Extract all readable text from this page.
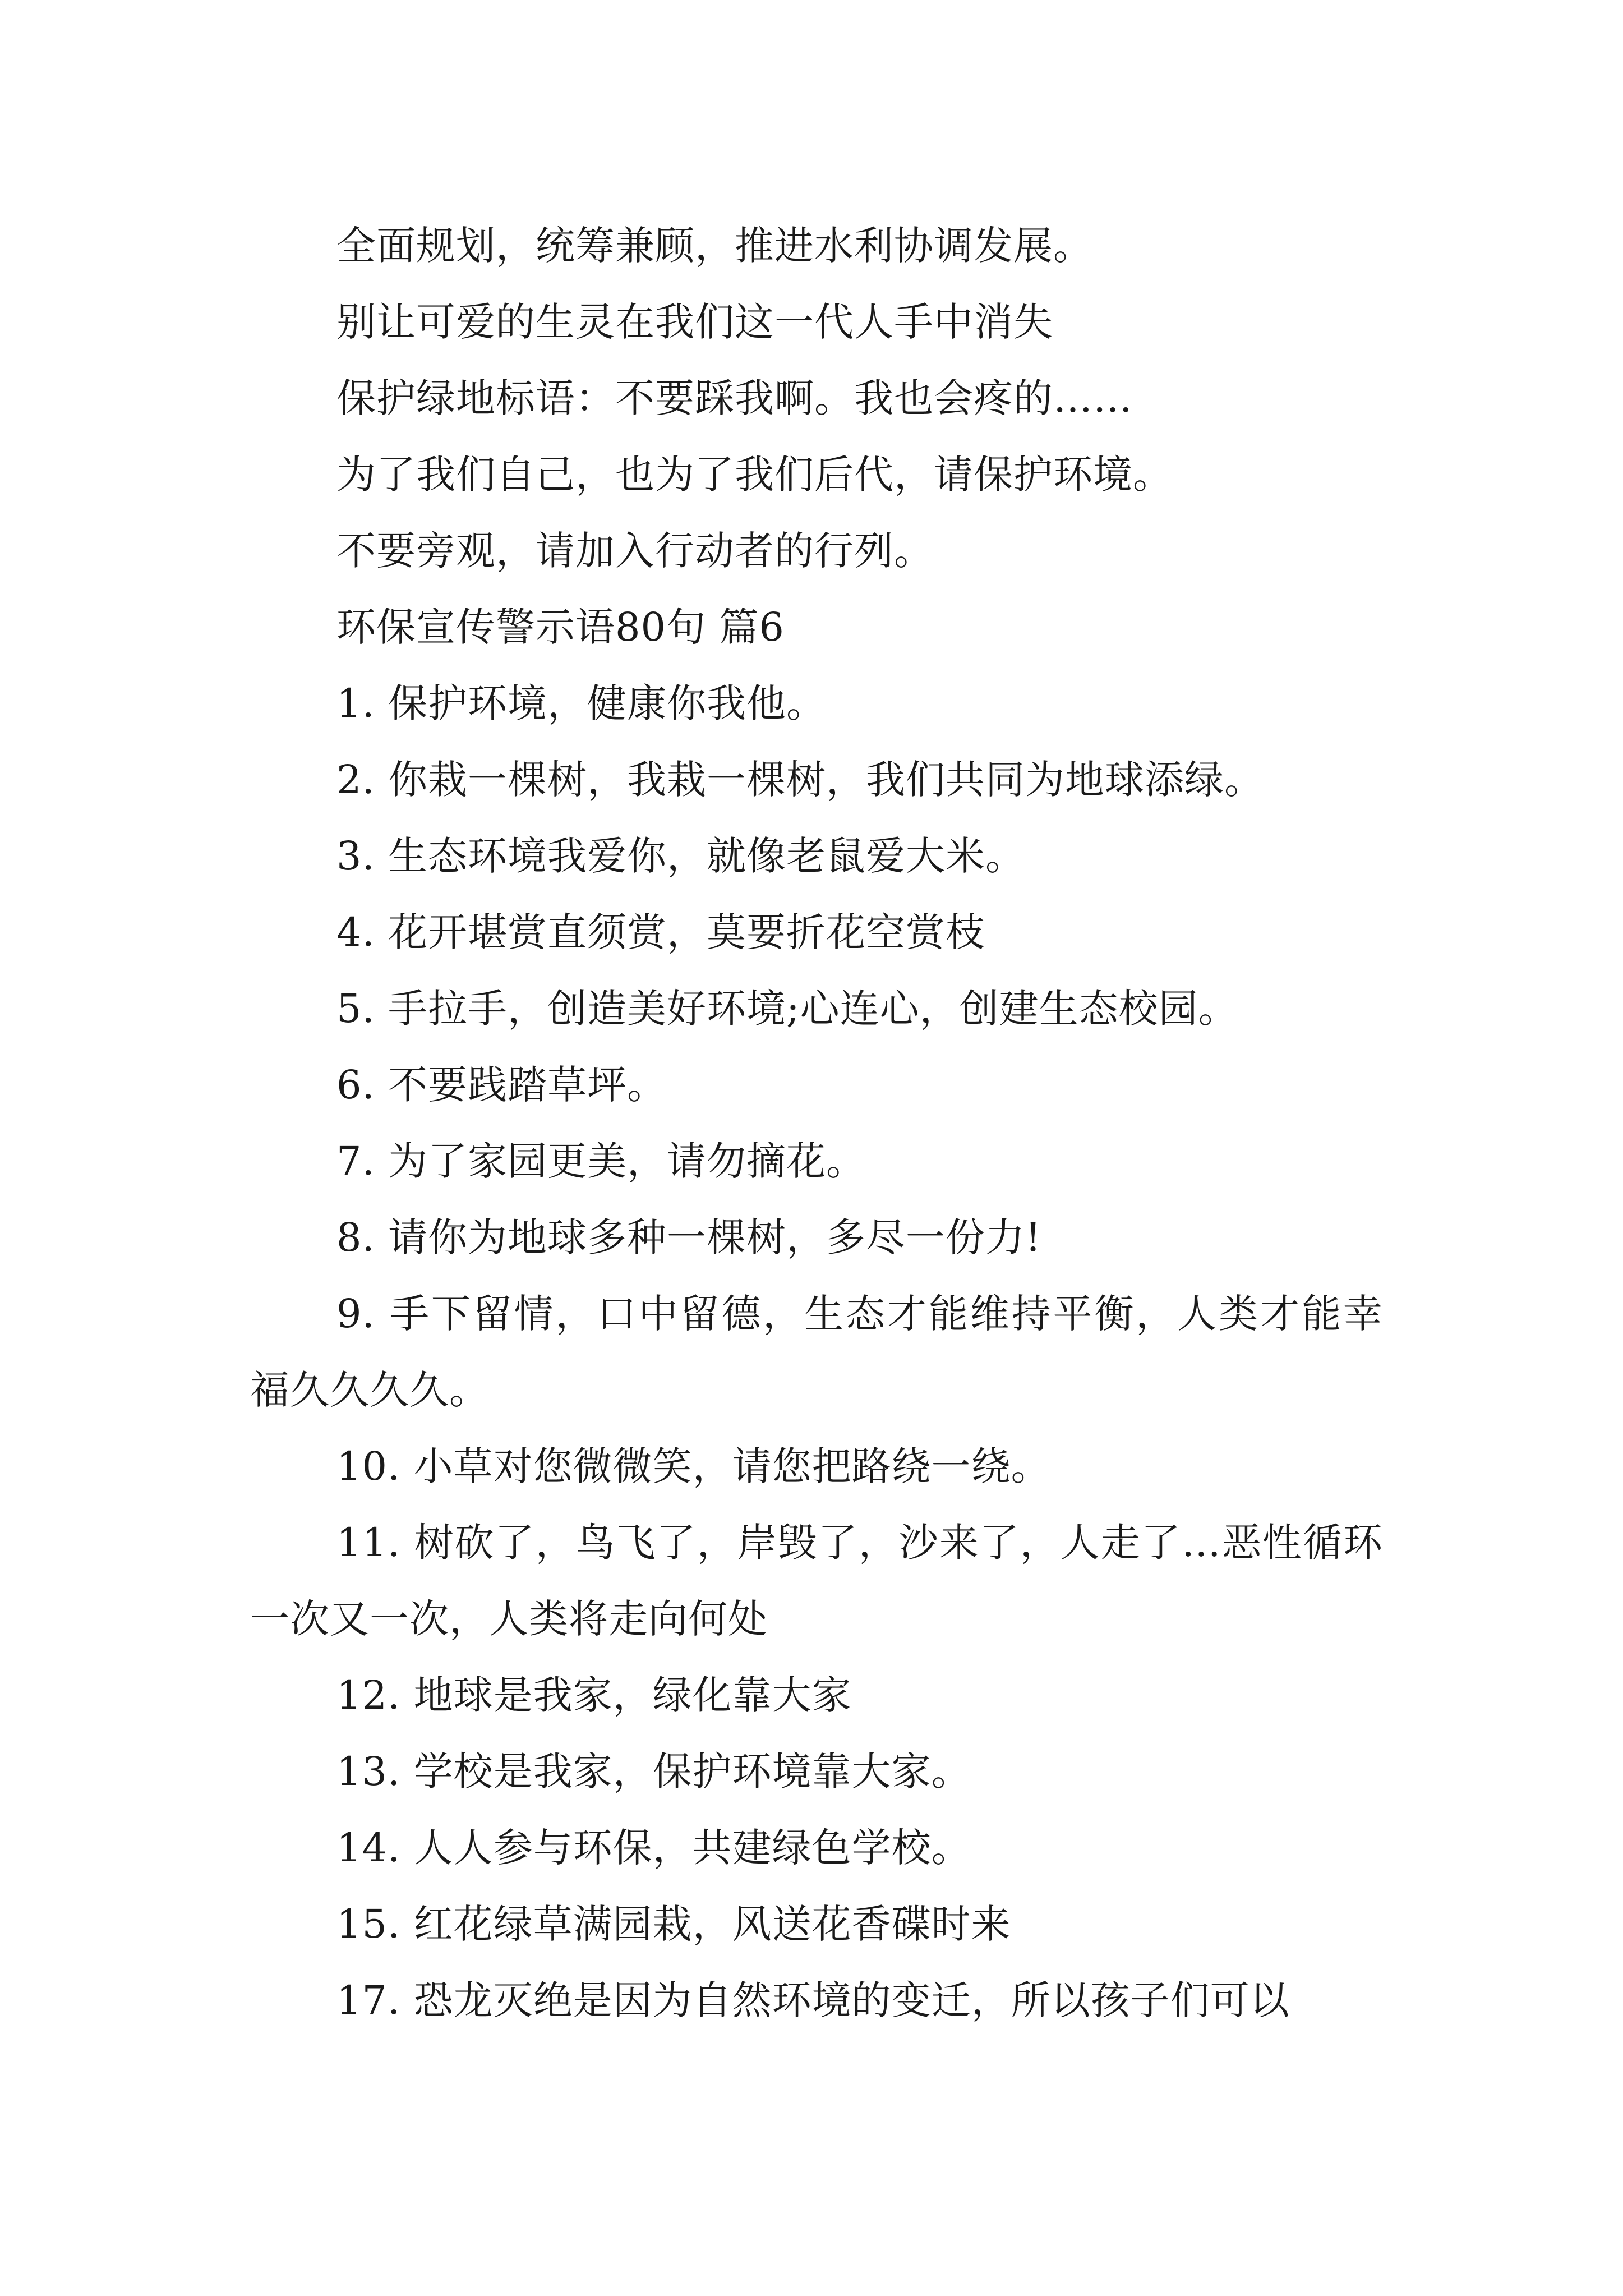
全面规划，统筹兼顾，推进水利协调发展。

别让可爱的生灵在我们这一代人手中消失

保护绿地标语：不要踩我啊。我也会疼的……

为了我们自己，也为了我们后代，请保护环境。

不要旁观，请加入行动者的行列。

环保宣传警示语80句 篇6

1. 保护环境，健康你我他。

2. 你栽一棵树，我栽一棵树，我们共同为地球添绿。

3. 生态环境我爱你，就像老鼠爱大米。

4. 花开堪赏直须赏，莫要折花空赏枝

5. 手拉手，创造美好环境;心连心，创建生态校园。

6. 不要践踏草坪。

7. 为了家园更美，请勿摘花。

8. 请你为地球多种一棵树，多尽一份力!

9. 手下留情，口中留德，生态才能维持平衡，人类才能幸福久久久久。

10. 小草对您微微笑，请您把路绕一绕。

11. 树砍了，鸟飞了，岸毁了，沙来了，人走了…恶性循环一次又一次，人类将走向何处

12. 地球是我家，绿化靠大家

13. 学校是我家，保护环境靠大家。

14. 人人参与环保，共建绿色学校。

15. 红花绿草满园栽，风送花香碟时来

17. 恐龙灭绝是因为自然环境的变迁，所以孩子们可以
